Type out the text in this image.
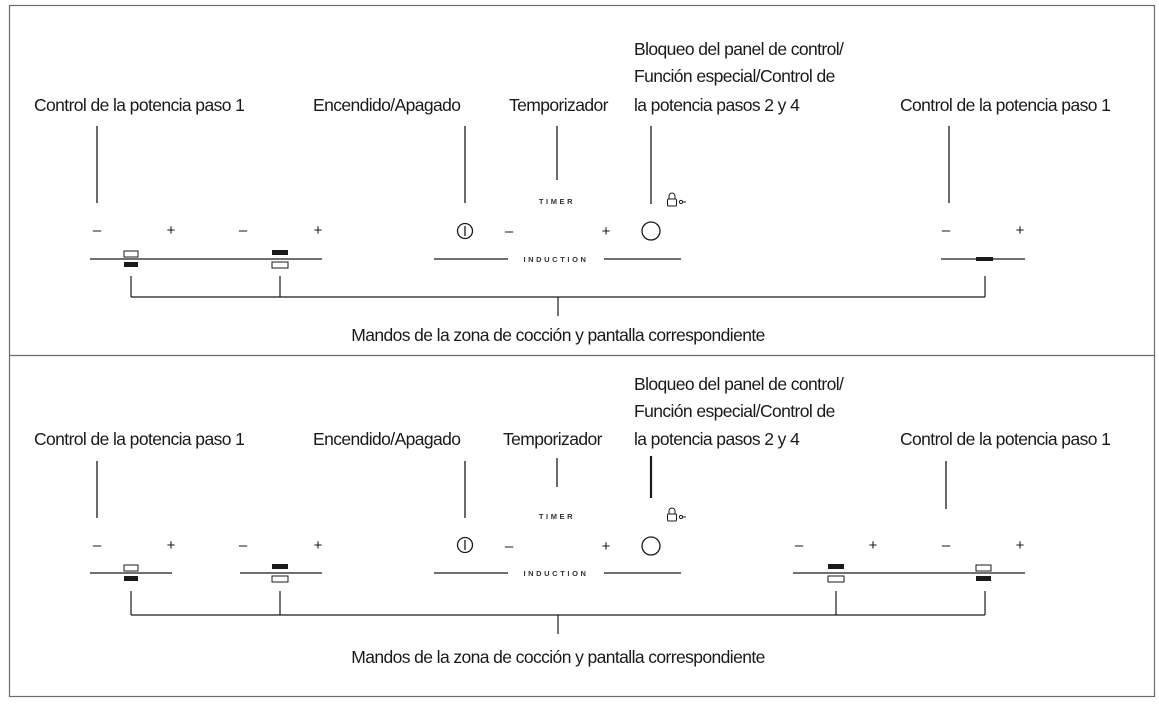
Control de la potencia paso 1	Encendido/Apagado	Temporizador
Bloqueo del panel de control/
Función especial/Control de
la potencia pasos 2 y 4	Control de la potencia paso 1
Mandos de la zona de cocción y pantalla correspondiente
–	+	–	+	–	+	–	+
TIMER
INDUCTION
Control de la potencia paso 1	Encendido/Apagado Temporizador
Bloqueo del panel de control/
Función especial/Control de
la potencia pasos 2 y 4	Control de la potencia paso 1
Mandos de la zona de cocción y pantalla correspondiente
–	+	–	+	–	+	–	+	–	+
TIMER
INDUCTION
